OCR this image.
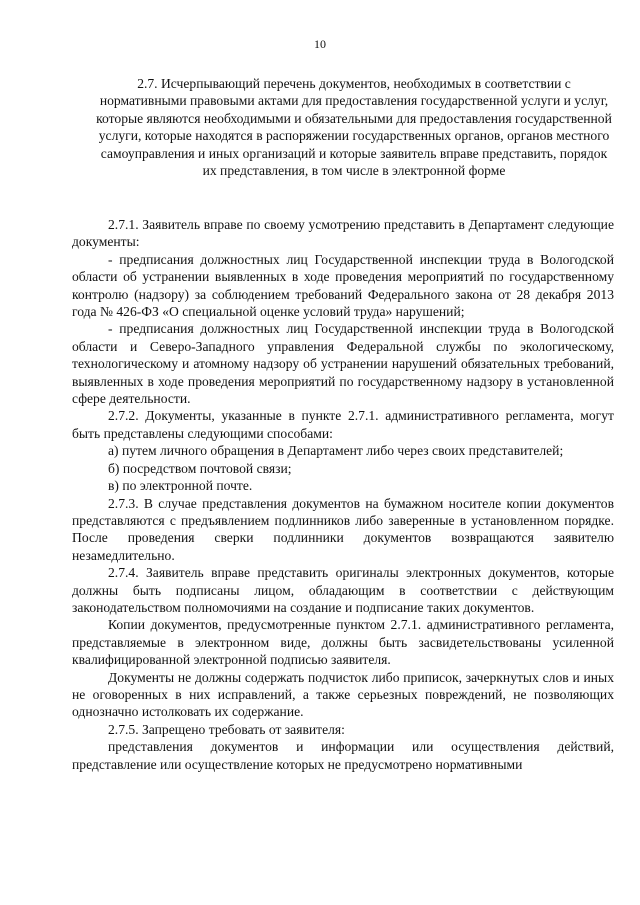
10
2.7. Исчерпывающий перечень документов, необходимых в соответствии с нормативными правовыми актами для предоставления государственной услуги и услуг, которые являются необходимыми и обязательными для предоставления государственной услуги, которые находятся в распоряжении государственных органов, органов местного самоуправления и иных организаций и которые заявитель вправе представить, порядок их представления, в том числе в электронной форме

2.7.1. Заявитель вправе по своему усмотрению представить в Департамент следующие документы:

- предписания должностных лиц Государственной инспекции труда в Вологодской области об устранении выявленных в ходе проведения мероприятий по государственному контролю (надзору) за соблюдением требований Федерального закона от 28 декабря 2013 года № 426-ФЗ «О специальной оценке условий труда» нарушений;

- предписания должностных лиц Государственной инспекции труда в Вологодской области и Северо-Западного управления Федеральной службы по экологическому, технологическому и атомному надзору об устранении нарушений обязательных требований, выявленных в ходе проведения мероприятий по государственному надзору в установленной сфере деятельности.

2.7.2. Документы, указанные в пункте 2.7.1. административного регламента, могут быть представлены следующими способами:

а) путем личного обращения в Департамент либо через своих представителей;

б) посредством почтовой связи;

в) по электронной почте.

2.7.3. В случае представления документов на бумажном носителе копии документов представляются с предъявлением подлинников либо заверенные в установленном порядке. После проведения сверки подлинники документов возвращаются заявителю незамедлительно.

2.7.4. Заявитель вправе представить оригиналы электронных документов, которые должны быть подписаны лицом, обладающим в соответствии с действующим законодательством полномочиями на создание и подписание таких документов.

Копии документов, предусмотренные пунктом 2.7.1. административного регламента, представляемые в электронном виде, должны быть засвидетельствованы усиленной квалифицированной электронной подписью заявителя.

Документы не должны содержать подчисток либо приписок, зачеркнутых слов и иных не оговоренных в них исправлений, а также серьезных повреждений, не позволяющих однозначно истолковать их содержание.

2.7.5. Запрещено требовать от заявителя:

представления документов и информации или осуществления действий, представление или осуществление которых не предусмотрено нормативными
